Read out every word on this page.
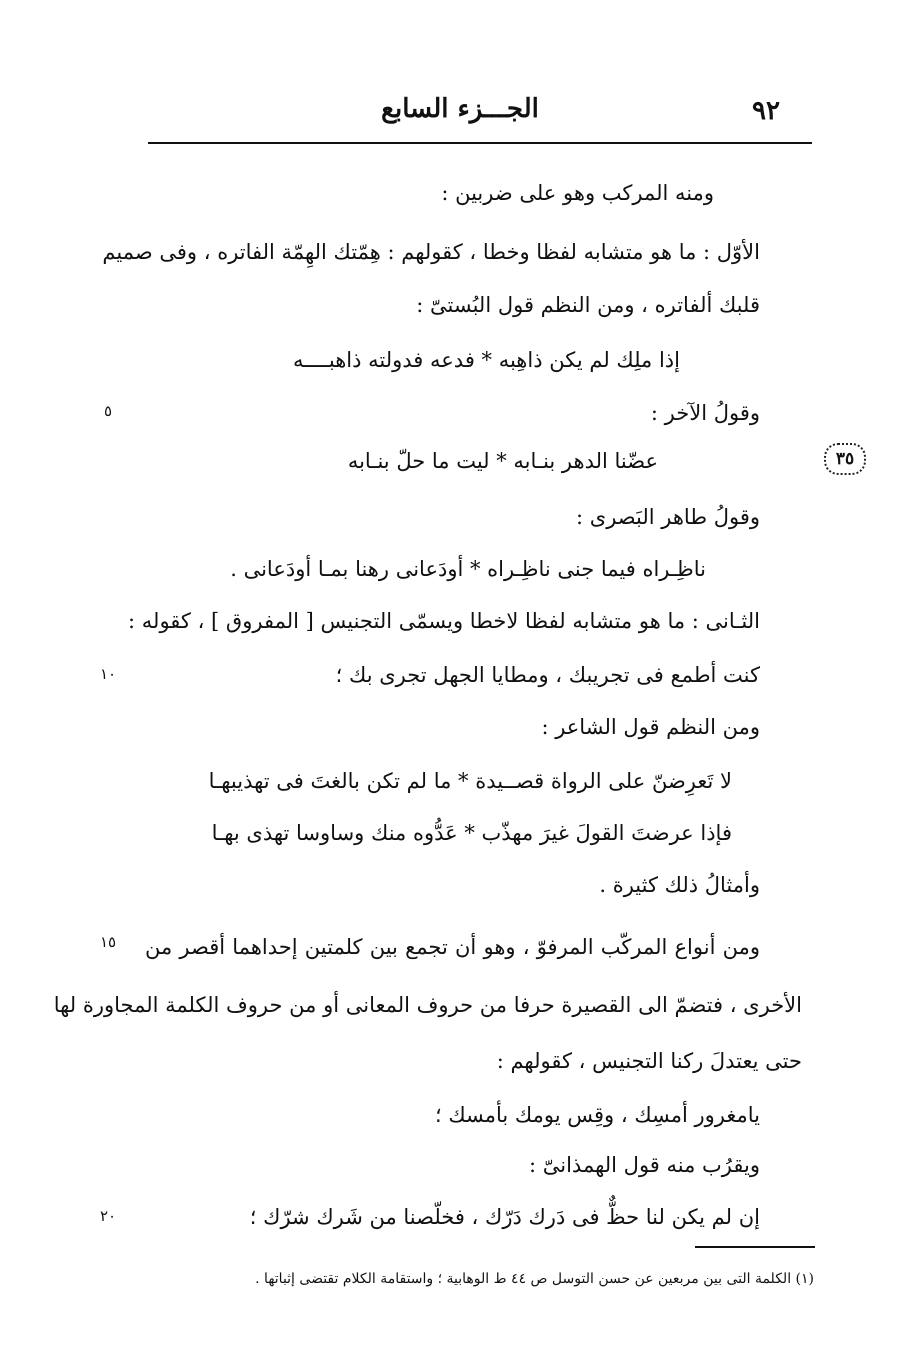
٩٢
الجـــزء السابع
٣٥
٥
١٠
١٥
٢٠
ومنه المركب وهو على ضربين :
الأوّل : ما هو متشابه لفظا وخطا ، كقولهم : هِمّتك الهِمّة الفاتره ، وفى صميم
قلبك ألفاتره ، ومن النظم قول البُستىّ :
إذا ملِك لم يكن ذاهِبه * فدعه فدولته ذاهبــــه
وقولُ الآخر :
عضّنا الدهر بنـابه * ليت ما حلّ بنـابه
وقولُ طاهر البَصرى :
ناظِـراه فيما جنى ناظِـراه * أودَعانى رهنا بمـا أودَعانى .
الثـانى : ما هو متشابه لفظا لاخطا ويسمّى التجنيس [ المفروق ] ، كقوله :
كنت أطمع فى تجريبك ، ومطايا الجهل تجرى بك ؛
ومن النظم قول الشاعر :
لا تَعرِضنّ على الرواة قصــيدة * ما لم تكن بالغتَ فى تهذيبهـا
فإذا عرضتَ القولَ غيرَ مهذّب * عَدُّوه منك وساوسا تهذى بهـا
وأمثالُ ذلك كثيرة .
ومن أنواع المركّب المرفوّ ، وهو أن تجمع بين كلمتين إحداهما أقصر من
الأخرى ، فتضمّ الى القصيرة حرفا من حروف المعانى أو من حروف الكلمة المجاورة لها
حتى يعتدلَ ركنا التجنيس ، كقولهم :
يامغرور أمسِك ، وقِس يومك بأمسك ؛
ويقرُب منه قول الهمذانىّ :
إن لم يكن لنا حظٌّ فى دَرك دَرّك ، فخلّصنا من شَرك شرّك ؛
(١) الكلمة التى بين مربعين عن حسن التوسل ص ٤٤ ط الوهابية ؛ واستقامة الكلام تقتضى إثباتها .
